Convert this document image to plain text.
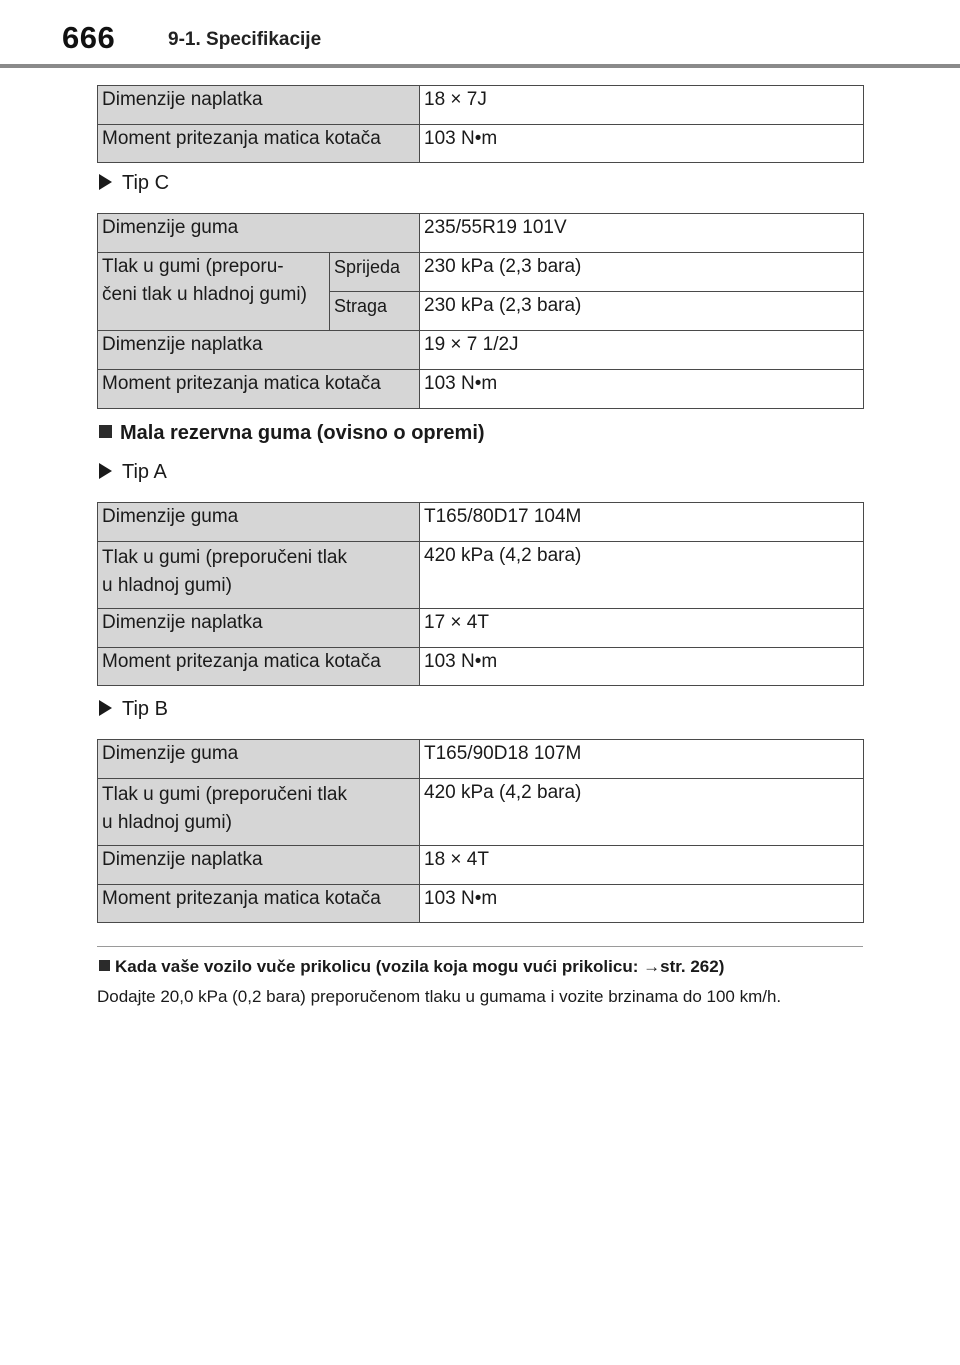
666	9-1. Specifikacije
Dimenzije naplatka	18 × 7J
Moment pritezanja matica kotača	103 N•m
Tip C
Dimenzije guma		235/55R19 101V
Tlak u gumi (preporu-
čeni tlak u hladnoj gumi)	Sprijeda	230 kPa (2,3 bara)
	Straga	230 kPa (2,3 bara)
Dimenzije naplatka		19 × 7 1/2J
Moment pritezanja matica kotača		103 N•m
Mala rezervna guma (ovisno o opremi)
Tip A
Dimenzije guma	T165/80D17 104M
Tlak u gumi (preporučeni tlak
u hladnoj gumi)	420 kPa (4,2 bara)
Dimenzije naplatka	17 × 4T
Moment pritezanja matica kotača	103 N•m
Tip B
Dimenzije guma	T165/90D18 107M
Tlak u gumi (preporučeni tlak
u hladnoj gumi)	420 kPa (4,2 bara)
Dimenzije naplatka	18 × 4T
Moment pritezanja matica kotača	103 N•m
Kada vaše vozilo vuče prikolicu (vozila koja mogu vući prikolicu: →str. 262)
Dodajte 20,0 kPa (0,2 bara) preporučenom tlaku u gumama i vozite brzinama do 100 km/h.
